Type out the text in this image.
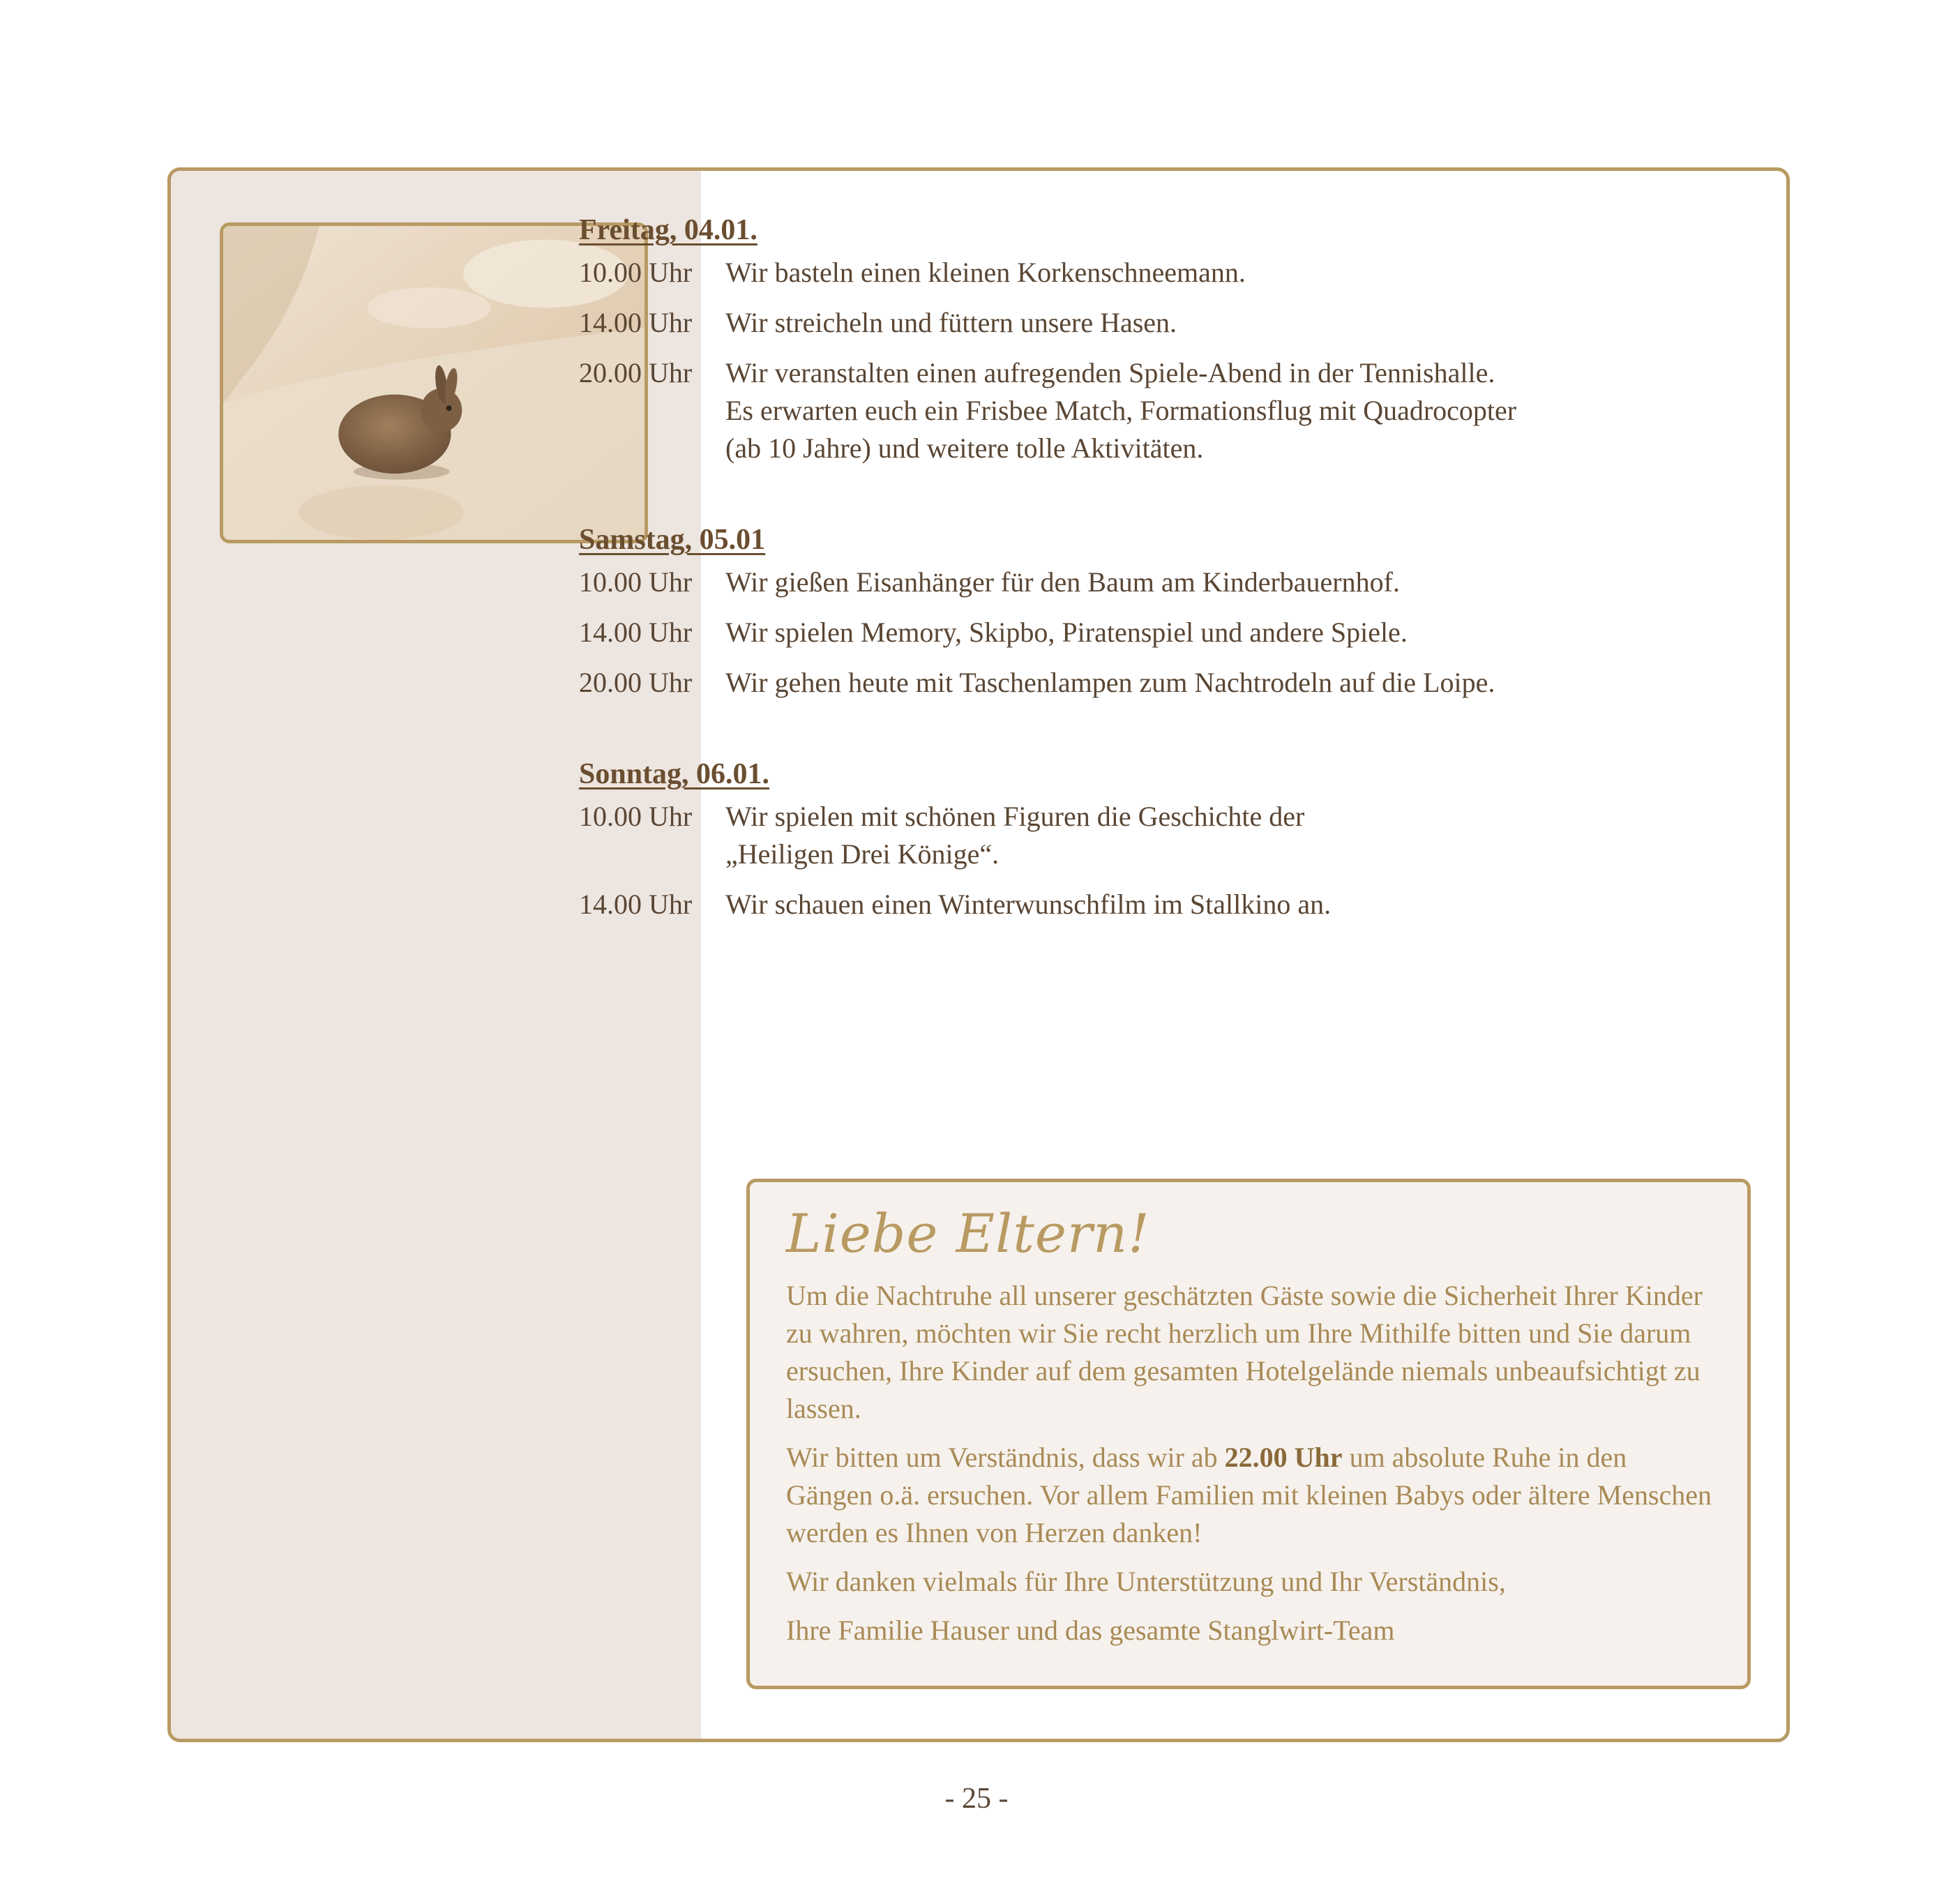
Freitag, 04.01.
10.00 Uhr	Wir basteln einen kleinen Korkenschneemann.
14.00 Uhr	Wir streicheln und füttern unsere Hasen.
20.00 Uhr	Wir veranstalten einen aufregenden Spiele-Abend in der Tennishalle.
Es erwarten euch ein Frisbee Match, Formationsflug mit Quadrocopter
(ab 10 Jahre) und weitere tolle Aktivitäten.
Samstag, 05.01
10.00 Uhr	Wir gießen Eisanhänger für den Baum am Kinderbauernhof.
14.00 Uhr	Wir spielen Memory, Skipbo, Piratenspiel und andere Spiele.
20.00 Uhr	Wir gehen heute mit Taschenlampen zum Nachtrodeln auf die Loipe.
Sonntag, 06.01.
10.00 Uhr	Wir spielen mit schönen Figuren die Geschichte der
„Heiligen Drei Könige“.
14.00 Uhr	Wir schauen einen Winterwunschfilm im Stallkino an.
Liebe Eltern!

Um die Nachtruhe all unserer geschätzten Gäste sowie die Sicherheit Ihrer Kinder zu wahren, möchten wir Sie recht herzlich um Ihre Mithilfe bitten und Sie darum ersuchen, Ihre Kinder auf dem gesamten Hotelgelände niemals unbeaufsichtigt zu lassen.

Wir bitten um Verständnis, dass wir ab 22.00 Uhr um absolute Ruhe in den Gängen o.ä. ersuchen. Vor allem Familien mit kleinen Babys oder ältere Menschen werden es Ihnen von Herzen danken!

Wir danken vielmals für Ihre Unterstützung und Ihr Verständnis,

Ihre Familie Hauser und das gesamte Stanglwirt-Team

- 25 -
